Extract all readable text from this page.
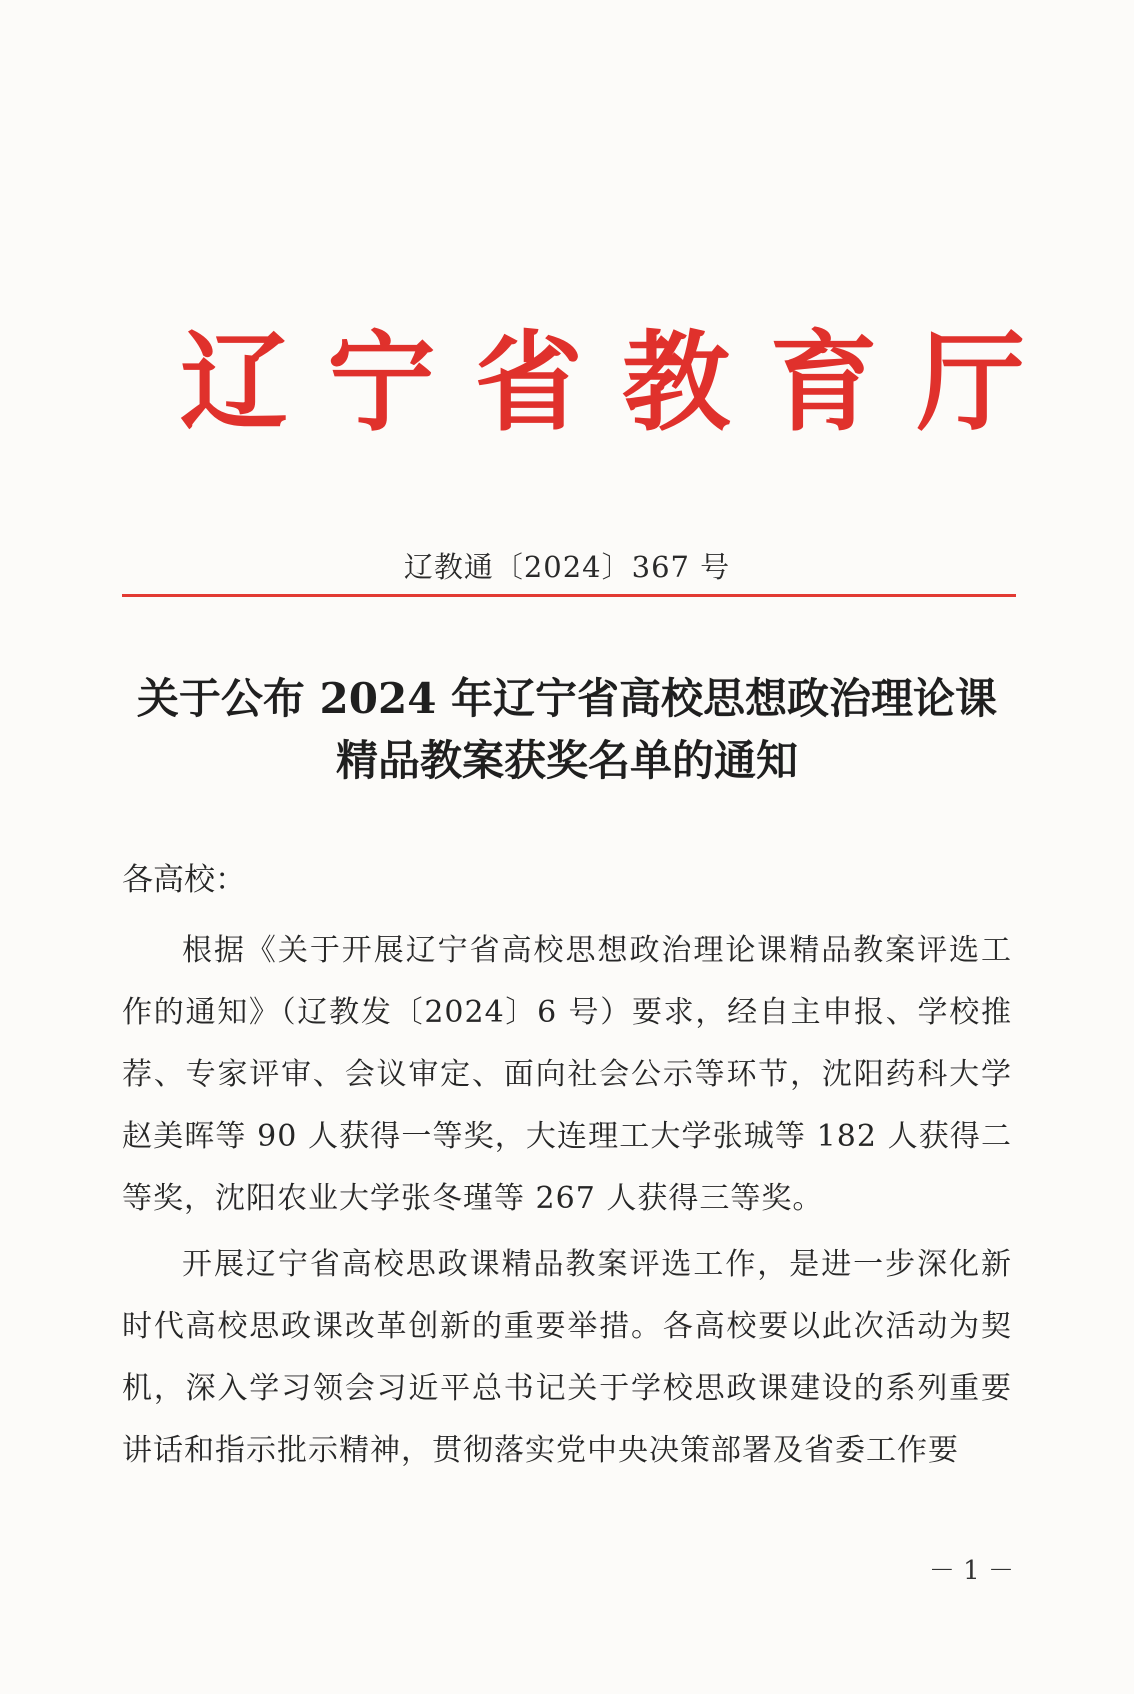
辽 宁 省 教 育 厅
辽教通〔2024〕367 号
关于公布 2024 年辽宁省高校思想政治理论课
精品教案获奖名单的通知
各高校：

根据《关于开展辽宁省高校思想政治理论课精品教案评选工作的通知》（辽教发〔2024〕6 号）要求，经自主申报、学校推荐、专家评审、会议审定、面向社会公示等环节，沈阳药科大学赵美晖等 90 人获得一等奖，大连理工大学张珹等 182 人获得二等奖，沈阳农业大学张冬瑾等 267 人获得三等奖。

开展辽宁省高校思政课精品教案评选工作，是进一步深化新时代高校思政课改革创新的重要举措。各高校要以此次活动为契机，深入学习领会习近平总书记关于学校思政课建设的系列重要讲话和指示批示精神，贯彻落实党中央决策部署及省委工作要

－ 1 －
